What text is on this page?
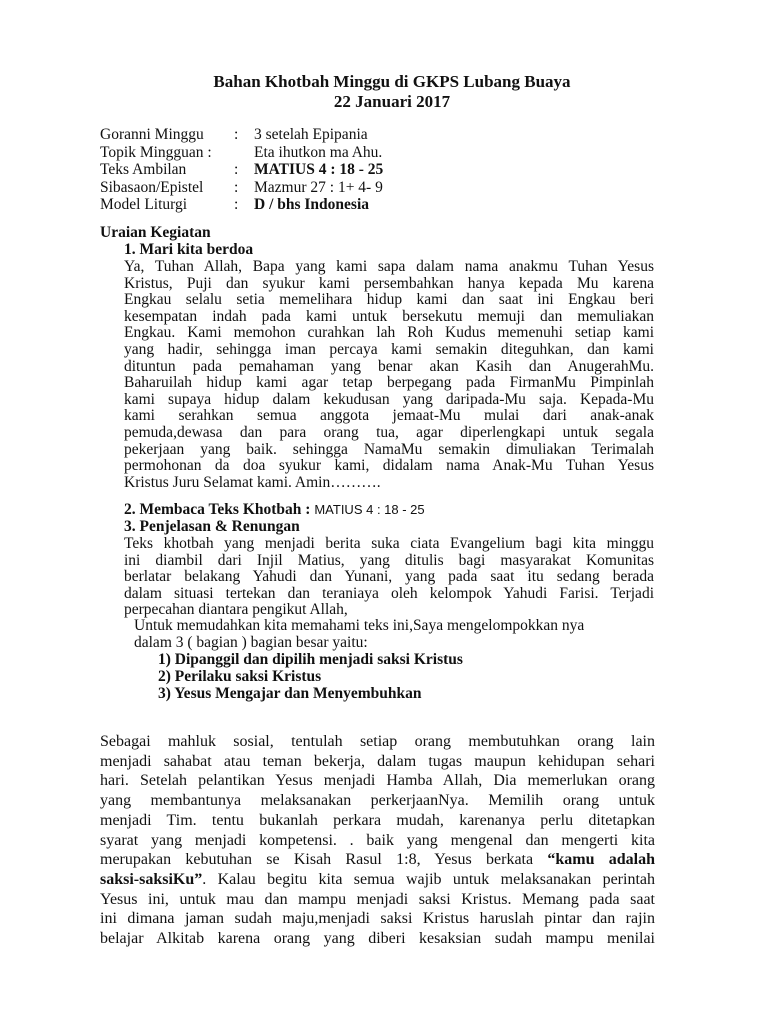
Bahan Khotbah Minggu di GKPS Lubang Buaya
22 Januari 2017
Goranni Minggu : 3 setelah Epipania
Topik Mingguan :	Eta ihutkon ma Ahu.
Teks Ambilan	: MATIUS 4 : 18 - 25
Sibasaon/Epistel : Mazmur 27 : 1+ 4- 9
Model Liturgi	: D / bhs Indonesia
Uraian Kegiatan
1. Mari kita berdoa
Ya, Tuhan Allah, Bapa yang kami sapa dalam nama anakmu Tuhan Yesus
Kristus, Puji dan syukur kami persembahkan hanya kepada Mu karena
Engkau selalu setia memelihara hidup kami dan saat ini Engkau beri
kesempatan indah pada kami untuk bersekutu memuji dan memuliakan
Engkau. Kami memohon curahkan lah Roh Kudus memenuhi setiap kami
yang hadir, sehingga iman percaya kami semakin diteguhkan, dan kami
dituntun pada pemahaman yang benar akan Kasih dan AnugerahMu.
Baharuilah hidup kami agar tetap berpegang pada FirmanMu Pimpinlah
kami supaya hidup dalam kekudusan yang daripada-Mu saja. Kepada-Mu
kami serahkan semua anggota jemaat-Mu mulai dari anak-anak
pemuda,dewasa dan para orang tua, agar diperlengkapi untuk segala
pekerjaan yang baik. sehingga NamaMu semakin dimuliakan Terimalah
permohonan da doa syukur kami, didalam nama Anak-Mu Tuhan Yesus
Kristus Juru Selamat kami. Amin……….
2. Membaca Teks Khotbah : MATIUS 4 : 18 - 25
3. Penjelasan & Renungan
Teks khotbah yang menjadi berita suka ciata Evangelium bagi kita minggu
ini diambil dari Injil Matius, yang ditulis bagi masyarakat Komunitas
berlatar belakang Yahudi dan Yunani, yang pada saat itu sedang berada
dalam situasi tertekan dan teraniaya oleh kelompok Yahudi Farisi. Terjadi
perpecahan diantara pengikut Allah,
Untuk memudahkan kita memahami teks ini,Saya mengelompokkan nya
dalam 3 ( bagian ) bagian besar yaitu:
1) Dipanggil dan dipilih menjadi saksi Kristus
2) Perilaku saksi Kristus
3) Yesus Mengajar dan Menyembuhkan
Sebagai mahluk sosial, tentulah setiap orang membutuhkan orang lain
menjadi sahabat atau teman bekerja, dalam tugas maupun kehidupan sehari
hari. Setelah pelantikan Yesus menjadi Hamba Allah, Dia memerlukan orang
yang membantunya melaksanakan perkerjaanNya. Memilih orang untuk
menjadi Tim. tentu bukanlah perkara mudah, karenanya perlu ditetapkan
syarat yang menjadi kompetensi. . baik yang mengenal dan mengerti kita
merupakan kebutuhan se Kisah Rasul 1:8, Yesus berkata “kamu adalah
saksi-saksiKu”. Kalau begitu kita semua wajib untuk melaksanakan perintah
Yesus ini, untuk mau dan mampu menjadi saksi Kristus. Memang pada saat
ini dimana jaman sudah maju,menjadi saksi Kristus haruslah pintar dan rajin
belajar Alkitab karena orang yang diberi kesaksian sudah mampu menilai
